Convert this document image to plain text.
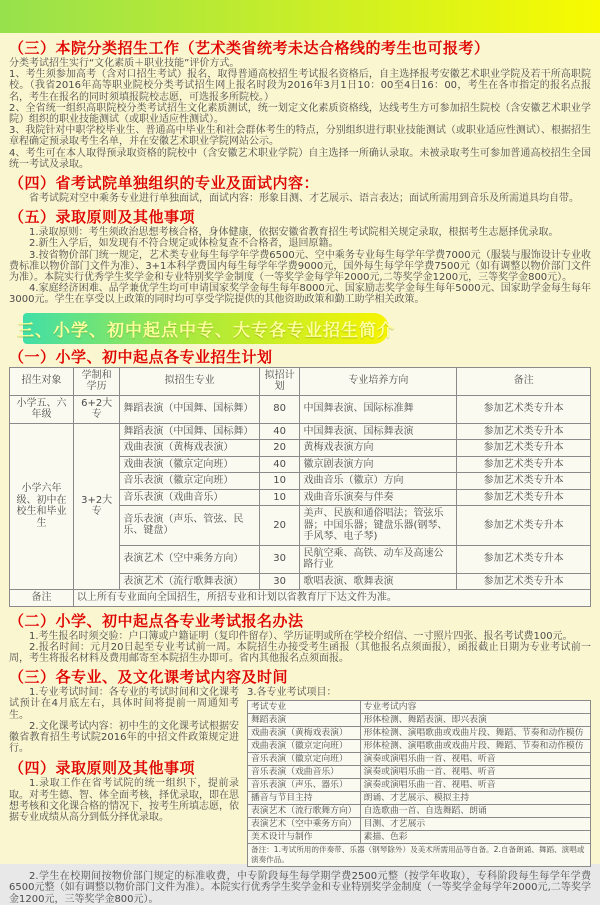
（三）本院分类招生工作（艺术类省统考未达合格线的考生也可报考）

分类考试招生实行“文化素质＋职业技能”评价方式。

1、考生须参加高考（含对口招生考试）报名，取得普通高校招生考试报名资格后，自主选择报考安徽艺术职业学院及若干所高职院校。（我省2016年高等职业院校分类考试招生网上报名时段为2016年3月1日10：00至4日16：00，考生在各市指定的报名点报名，考生在报名的同时须填报院校志愿，可选报多所院校。）

2、全省统一组织高职院校分类考试招生文化素质测试，统一划定文化素质资格线，达线考生方可参加招生院校（含安徽艺术职业学院）组织的职业技能测试（或职业适应性测试）。

3、我院针对中职学校毕业生、普通高中毕业生和社会群体考生的特点，分别组织进行职业技能测试（或职业适应性测试）、根据招生章程确定预录取考生名单，并在安徽艺术职业学院网站公示。

4、考生可在本人取得预录取资格的院校中（含安徽艺术职业学院）自主选择一所确认录取。未被录取考生可参加普通高校招生全国统一考试及录取。

（四）省考试院单独组织的专业及面试内容：

省考试院对空中乘务专业进行单独面试，面试内容：形象目测、才艺展示、语言表达；面试所需用到音乐及所需道具均自带。

（五）录取原则及其他事项

1.录取原则：考生须政治思想考核合格，身体健康，依据安徽省教育招生考试院相关规定录取，根据考生志愿择优录取。

2.新生入学后，如发现有不符合规定或体检复查不合格者，退回原籍。

3.按省物价部门统一规定，艺术类专业每生每学年学费6500元、空中乘务专业每生每学年学费7000元（服装与服饰设计专业收费标准以物价部门文件为准）、3+1本科学费国内每生每学年学费9000元，国外每生每学年学费7500元（如有调整以物价部门文件为准）。本院实行优秀学生奖学金和专业特别奖学金制度（一等奖学金每学年2000元,二等奖学金1200元，三等奖学金800元）。

4.家庭经济困难、品学兼优学生均可申请国家奖学金每生每年8000元、国家励志奖学金每生每年5000元、国家助学金每生每年3000元。学生在享受以上政策的同时均可享受学院提供的其他资助政策和勤工助学相关政策。

三、小学、初中起点中专、大专各专业招生简介
（一）小学、初中起点各专业招生计划
招生对象	学制和学历	拟招生专业	拟招计划	专业培养方向	备注
小学五、六年级	6+2大专	舞蹈表演（中国舞、国标舞）	80	中国舞表演、国际标准舞	参加艺术类专升本
小学六年级、初中在校生和毕业生	3+2大专	舞蹈表演（中国舞、国标舞）	40	中国舞表演、国标舞表演	参加艺术类专升本
		戏曲表演（黄梅戏表演）	20	黄梅戏表演方向	参加艺术类专升本
		戏曲表演（徽京定向班）	40	徽京剧表演方向	参加艺术类专升本
		音乐表演（徽京定向班）	10	戏曲音乐（徽京）方向	参加艺术类专升本
		音乐表演（戏曲音乐）	10	戏曲音乐演奏与伴奏	参加艺术类专升本
		音乐表演（声乐、管弦、民乐、键盘）	20	美声、民族和通俗唱法；管弦乐器；中国乐器；键盘乐器(钢琴、手风琴、电子琴)	参加艺术类专升本
		表演艺术（空中乘务方向）	30	民航空乘、高铁、动车及高速公路行业	参加艺术类专升本
		表演艺术（流行歌舞表演）	30	歌唱表演、歌舞表演	参加艺术类专升本
备注	以上所有专业面向全国招生，所招专业和计划以省教育厅下达文件为准。				
（二）小学、初中起点各专业考试报名办法

1.考生报名时须交验：户口簿或户籍证明（复印件留存）、学历证明或所在学校介绍信、一寸照片四张、报名考试费100元。

2.报名时间：元月20日起至专业考试前一周。本院招生办接受考生函报（其他报名点须面报），函报截止日期为专业考试前一周，考生将报名材料及费用邮寄至本院招生办即可。省内其他报名点须面报。

（三）各专业、及文化课考试内容及时间

1.专业考试时间：各专业的考试时间和文化课考试预计在4月底左右，具体时间将提前一周通知考生。

2.文化课考试内容：初中生的文化课考试根据安徽省教育招生考试院2016年的中招文件政策规定进行。

（四）录取原则及其他事项

1.录取工作在省考试院的统一组织下，提前录取。对考生德、智、体全面考核，择优录取，即在思想考核和文化课合格的情况下，按考生所填志愿，依据专业成绩从高分到低分择优录取。

3.各专业考试项目：

考试专业	专业考试内容
舞蹈表演	形体检测、舞蹈表演、即兴表演
戏曲表演（黄梅戏表演）	形体检测、演唱歌曲或戏曲片段、舞蹈、节奏和动作模仿
戏曲表演（徽京定向班）	形体检测、演唱歌曲或戏曲片段、舞蹈、节奏和动作模仿
音乐表演（徽京定向班）	演奏或演唱乐曲一首、视唱、听音
音乐表演（戏曲音乐）	演奏或演唱乐曲一首、视唱、听音
音乐表演（声乐、器乐）	演奏或演唱乐曲一首、视唱、听音
播音与节目主持	朗诵、才艺展示、模拟主持
表演艺术（流行歌舞方向）	自选歌曲一首、自选舞蹈、朗诵
表演艺术（空中乘务方向）	目测、才艺展示
美术设计与制作	素描、色彩
备注：1.考试所用的伴奏带、乐器（钢琴除外）及美术所需用品等自备。2.自备朗诵、舞蹈、演唱或演奏作品。	

2.学生在校期间按物价部门规定的标准收费，中专阶段每生每学期学费2500元整（按学年收取），专科阶段每生每学年学费6500元整（如有调整以物价部门文件为准）。本院实行优秀学生奖学金和专业特别奖学金制度（一等奖学金每学年2000元,二等奖学金1200元，三等奖学金800元）。
